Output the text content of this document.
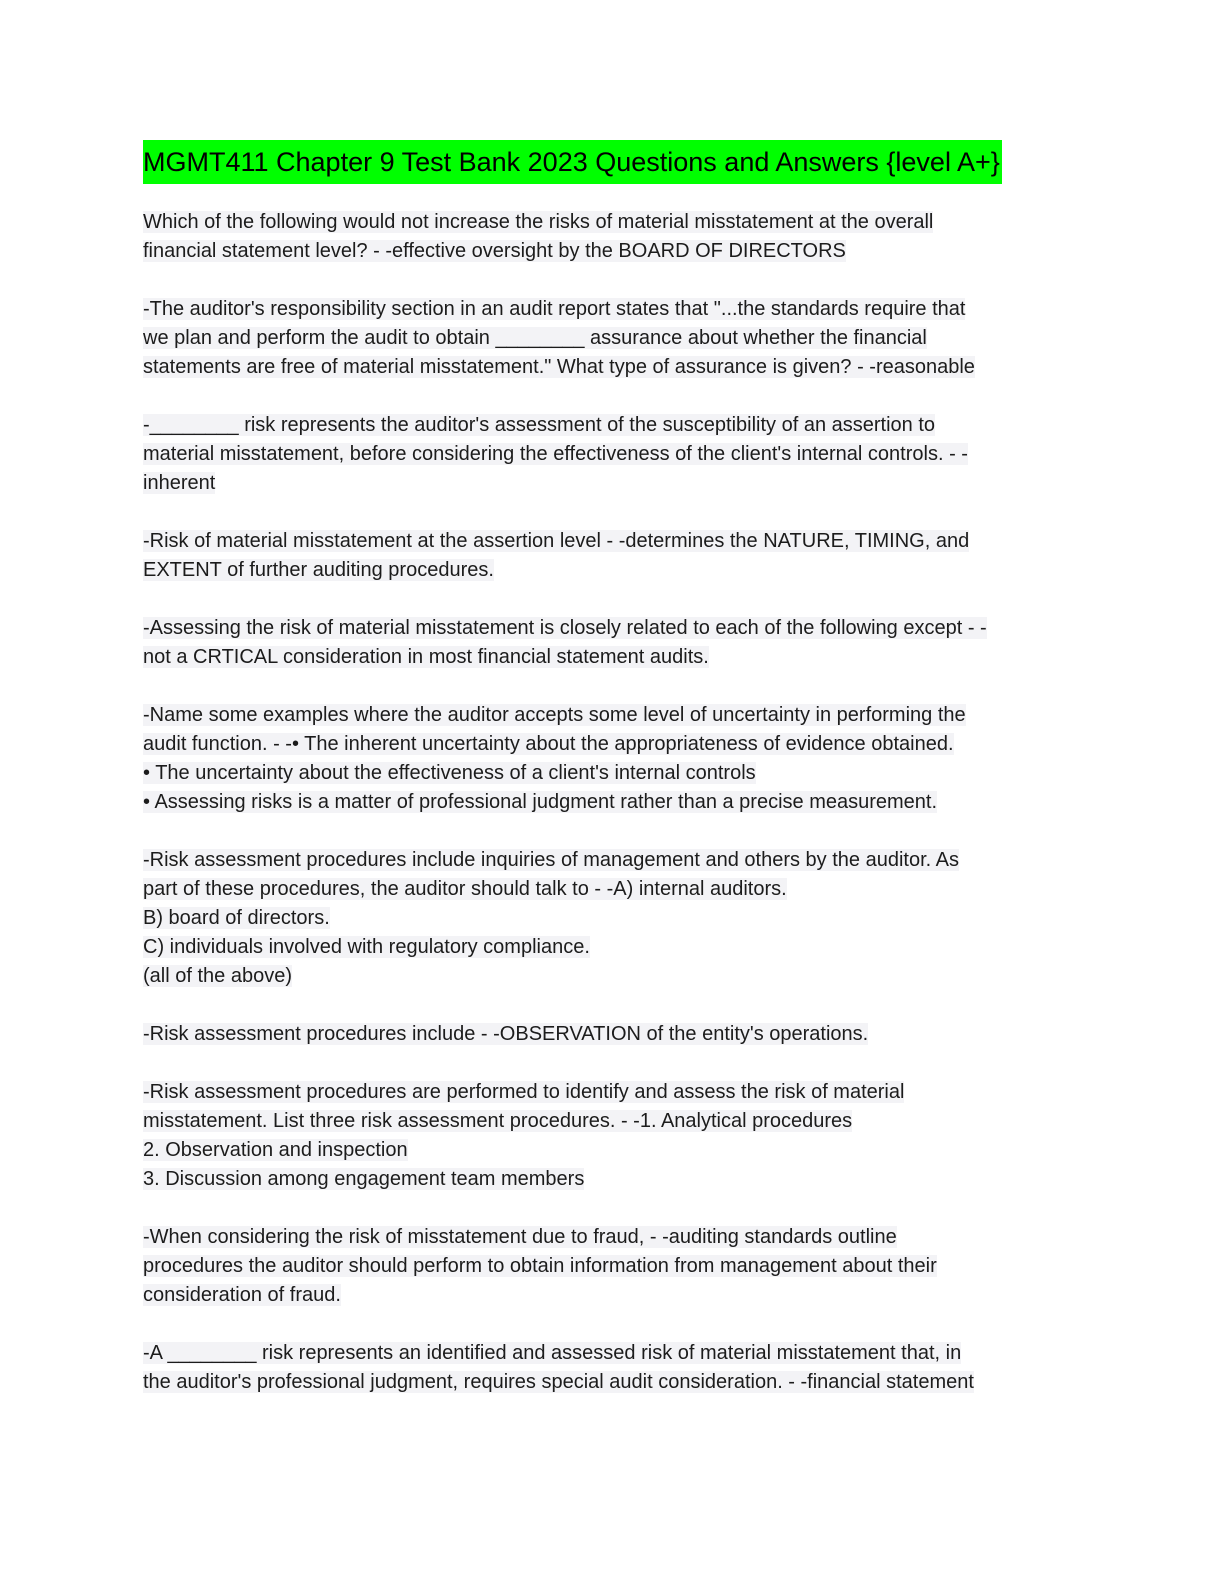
MGMT411 Chapter 9 Test Bank 2023 Questions and Answers {level A+}
Which of the following would not increase the risks of material misstatement at the overall
financial statement level? - -effective oversight by the BOARD OF DIRECTORS
-The auditor's responsibility section in an audit report states that "...the standards require that
we plan and perform the audit to obtain ________ assurance about whether the financial
statements are free of material misstatement." What type of assurance is given? - -reasonable
-________ risk represents the auditor's assessment of the susceptibility of an assertion to
material misstatement, before considering the effectiveness of the client's internal controls. - -
inherent
-Risk of material misstatement at the assertion level - -determines the NATURE, TIMING, and
EXTENT of further auditing procedures.
-Assessing the risk of material misstatement is closely related to each of the following except - -
not a CRTICAL consideration in most financial statement audits.
-Name some examples where the auditor accepts some level of uncertainty in performing the
audit function. - -• The inherent uncertainty about the appropriateness of evidence obtained.
• The uncertainty about the effectiveness of a client's internal controls
• Assessing risks is a matter of professional judgment rather than a precise measurement.
-Risk assessment procedures include inquiries of management and others by the auditor. As
part of these procedures, the auditor should talk to - -A) internal auditors.
B) board of directors.
C) individuals involved with regulatory compliance.
(all of the above)
-Risk assessment procedures include - -OBSERVATION of the entity's operations.
-Risk assessment procedures are performed to identify and assess the risk of material
misstatement. List three risk assessment procedures. - -1. Analytical procedures
2. Observation and inspection
3. Discussion among engagement team members
-When considering the risk of misstatement due to fraud, - -auditing standards outline
procedures the auditor should perform to obtain information from management about their
consideration of fraud.
-A ________ risk represents an identified and assessed risk of material misstatement that, in
the auditor's professional judgment, requires special audit consideration. - -financial statement
